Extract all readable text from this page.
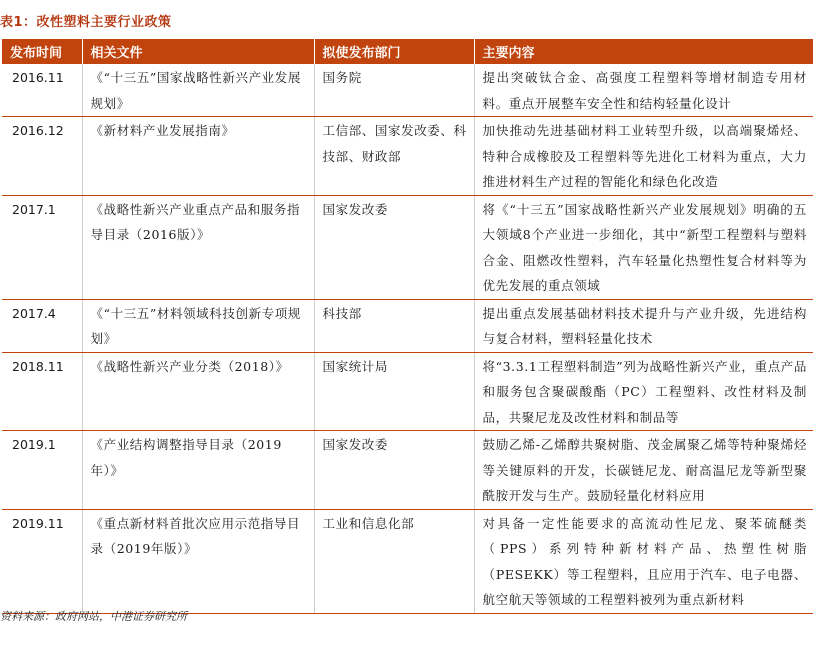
表1：改性塑料主要行业政策
发布时间	相关文件	拟使发布部门	主要内容
2016.11	《“十三五”国家战略性新兴产业发展规划》	国务院	提出突破钛合金、高强度工程塑料等增材制造专用材料。重点开展整车安全性和结构轻量化设计
2016.12	《新材料产业发展指南》	工信部、国家发改委、科技部、财政部	加快推动先进基础材料工业转型升级，以高端聚烯烃、特种合成橡胶及工程塑料等先进化工材料为重点，大力推进材料生产过程的智能化和绿色化改造
2017.1	《战略性新兴产业重点产品和服务指导目录（2016版）》	国家发改委	将《“十三五”国家战略性新兴产业发展规划》明确的五大领域8个产业进一步细化，其中“新型工程塑料与塑料合金、阻燃改性塑料，汽车轻量化热塑性复合材料等为优先发展的重点领域
2017.4	《“十三五”材料领域科技创新专项规划》	科技部	提出重点发展基础材料技术提升与产业升级，先进结构与复合材料，塑料轻量化技术
2018.11	《战略性新兴产业分类（2018）》	国家统计局	将“3.3.1工程塑料制造”列为战略性新兴产业，重点产品和服务包含聚碳酸酯（PC）工程塑料、改性材料及制品，共聚尼龙及改性材料和制品等
2019.1	《产业结构调整指导目录（2019年）》	国家发改委	鼓励乙烯-乙烯醇共聚树脂、茂金属聚乙烯等特种聚烯烃等关键原料的开发，长碳链尼龙、耐高温尼龙等新型聚酰胺开发与生产。鼓励轻量化材料应用
2019.11	《重点新材料首批次应用示范指导目录（2019年版）》	工业和信息化部	对具备一定性能要求的高流动性尼龙、聚苯硫醚类（PPS）系列特种新材料产品、热塑性树脂（PESEKK）等工程塑料，且应用于汽车、电子电器、航空航天等领域的工程塑料被列为重点新材料
资料来源：政府网站，中港证券研究所
